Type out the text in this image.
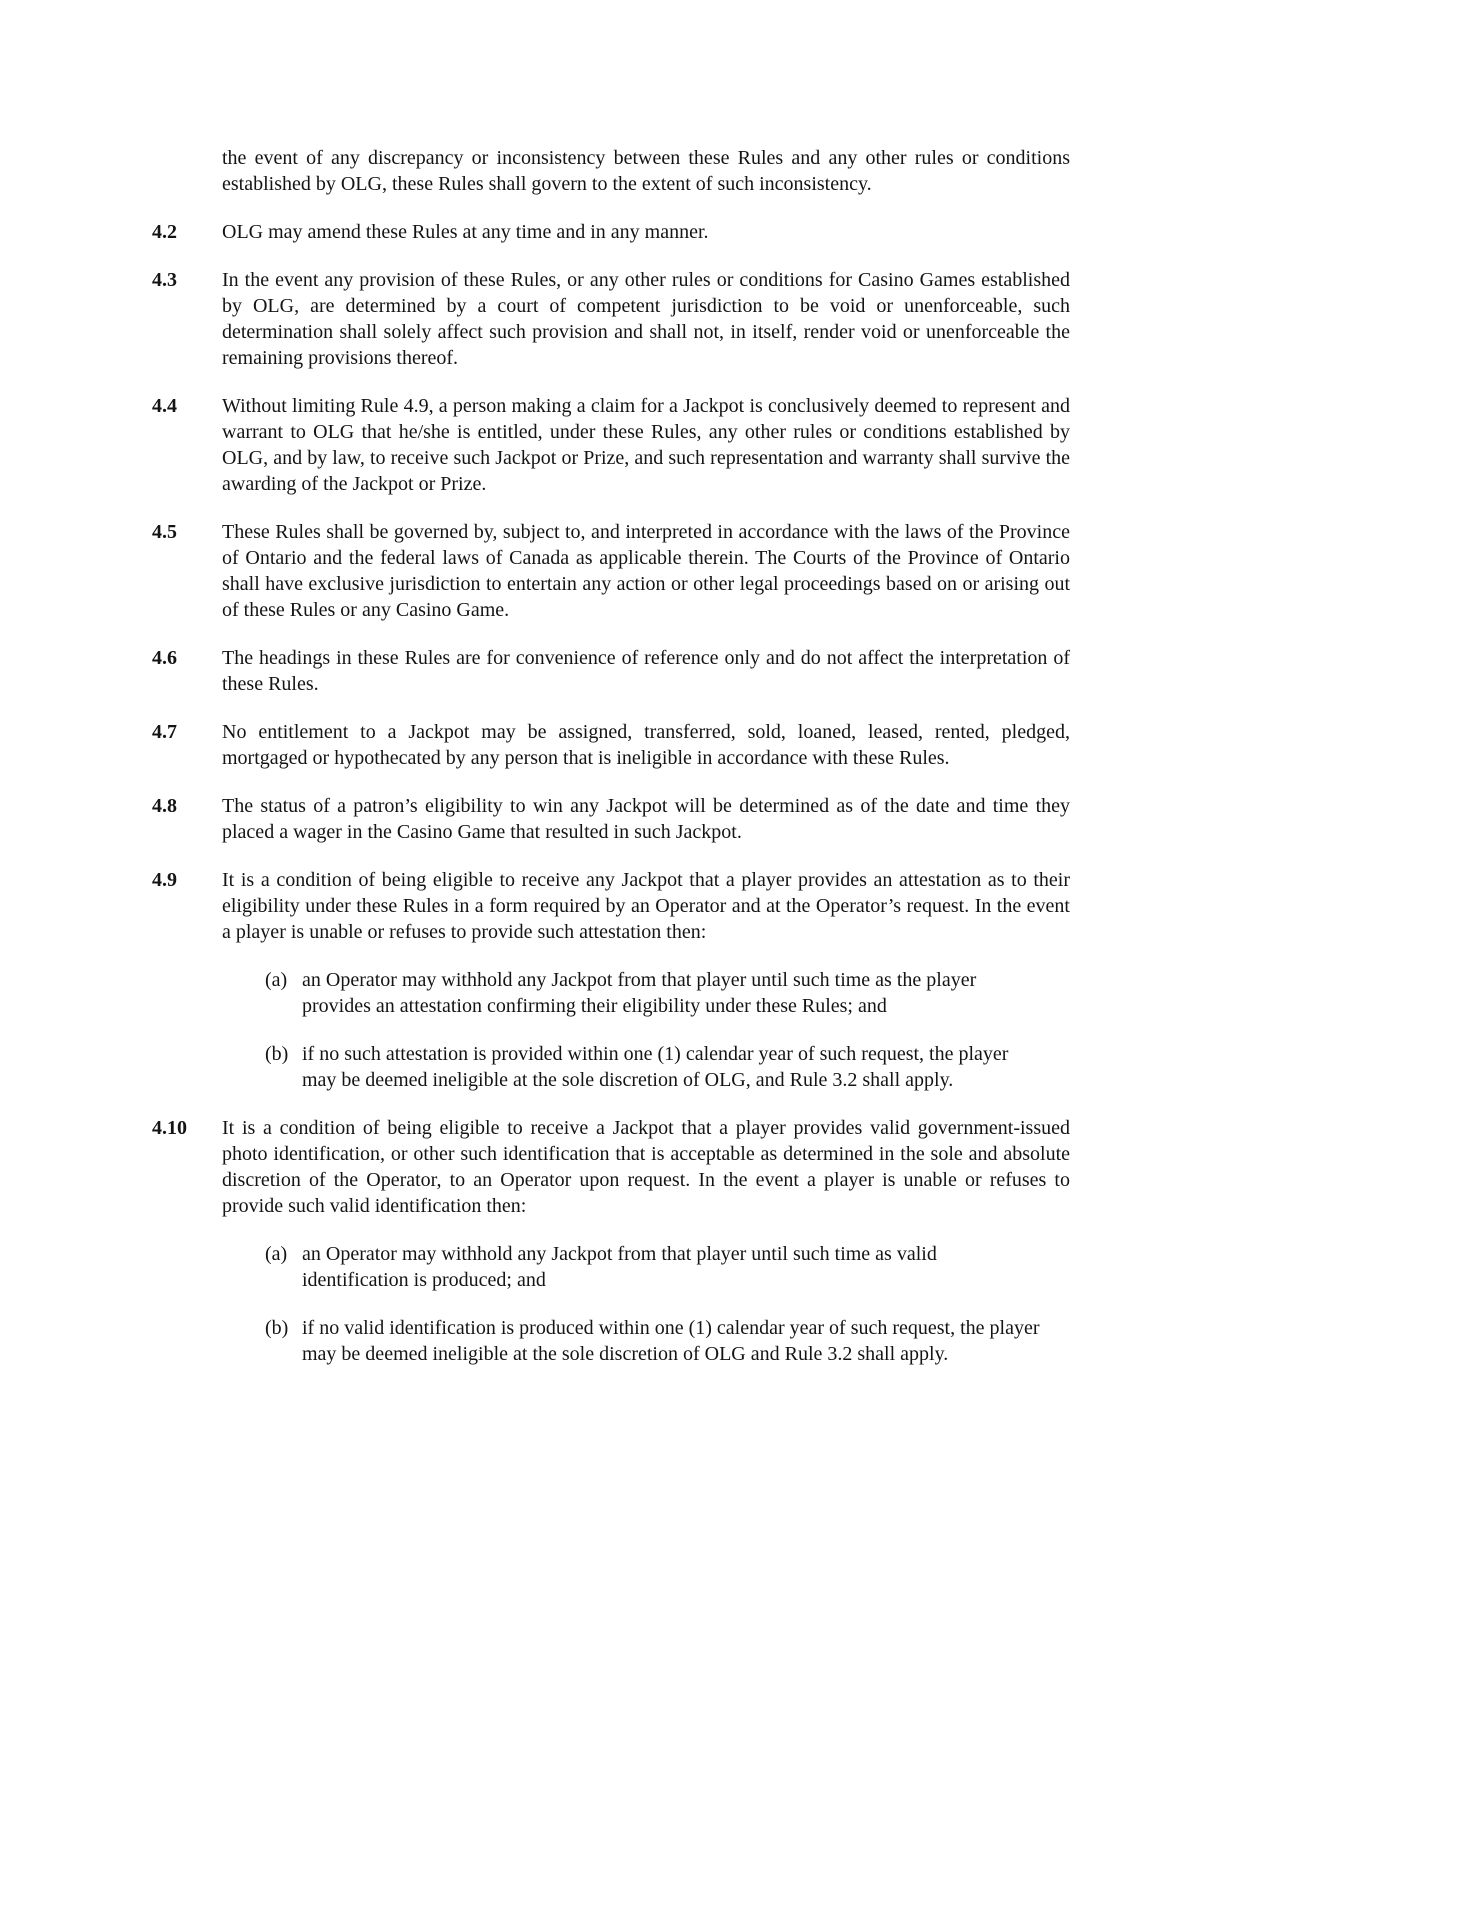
the event of any discrepancy or inconsistency between these Rules and any other rules or conditions established by OLG, these Rules shall govern to the extent of such inconsistency.

4.2	OLG may amend these Rules at any time and in any manner.

4.3	In the event any provision of these Rules, or any other rules or conditions for Casino Games established by OLG, are determined by a court of competent jurisdiction to be void or unenforceable, such determination shall solely affect such provision and shall not, in itself, render void or unenforceable the remaining provisions thereof.

4.4	Without limiting Rule 4.9, a person making a claim for a Jackpot is conclusively deemed to represent and warrant to OLG that he/she is entitled, under these Rules, any other rules or conditions established by OLG, and by law, to receive such Jackpot or Prize, and such representation and warranty shall survive the awarding of the Jackpot or Prize.

4.5	These Rules shall be governed by, subject to, and interpreted in accordance with the laws of the Province of Ontario and the federal laws of Canada as applicable therein. The Courts of the Province of Ontario shall have exclusive jurisdiction to entertain any action or other legal proceedings based on or arising out of these Rules or any Casino Game.

4.6	The headings in these Rules are for convenience of reference only and do not affect the interpretation of these Rules.

4.7	No entitlement to a Jackpot may be assigned, transferred, sold, loaned, leased, rented, pledged, mortgaged or hypothecated by any person that is ineligible in accordance with these Rules.

4.8	The status of a patron’s eligibility to win any Jackpot will be determined as of the date and time they placed a wager in the Casino Game that resulted in such Jackpot.

4.9	It is a condition of being eligible to receive any Jackpot that a player provides an attestation as to their eligibility under these Rules in a form required by an Operator and at the Operator’s request. In the event a player is unable or refuses to provide such attestation then:

(a) an Operator may withhold any Jackpot from that player until such time as the player provides an attestation confirming their eligibility under these Rules; and

(b) if no such attestation is provided within one (1) calendar year of such request, the player may be deemed ineligible at the sole discretion of OLG, and Rule 3.2 shall apply.

4.10	It is a condition of being eligible to receive a Jackpot that a player provides valid government-issued photo identification, or other such identification that is acceptable as determined in the sole and absolute discretion of the Operator, to an Operator upon request. In the event a player is unable or refuses to provide such valid identification then:

(a) an Operator may withhold any Jackpot from that player until such time as valid identification is produced; and

(b) if no valid identification is produced within one (1) calendar year of such request, the player may be deemed ineligible at the sole discretion of OLG and Rule 3.2 shall apply.
